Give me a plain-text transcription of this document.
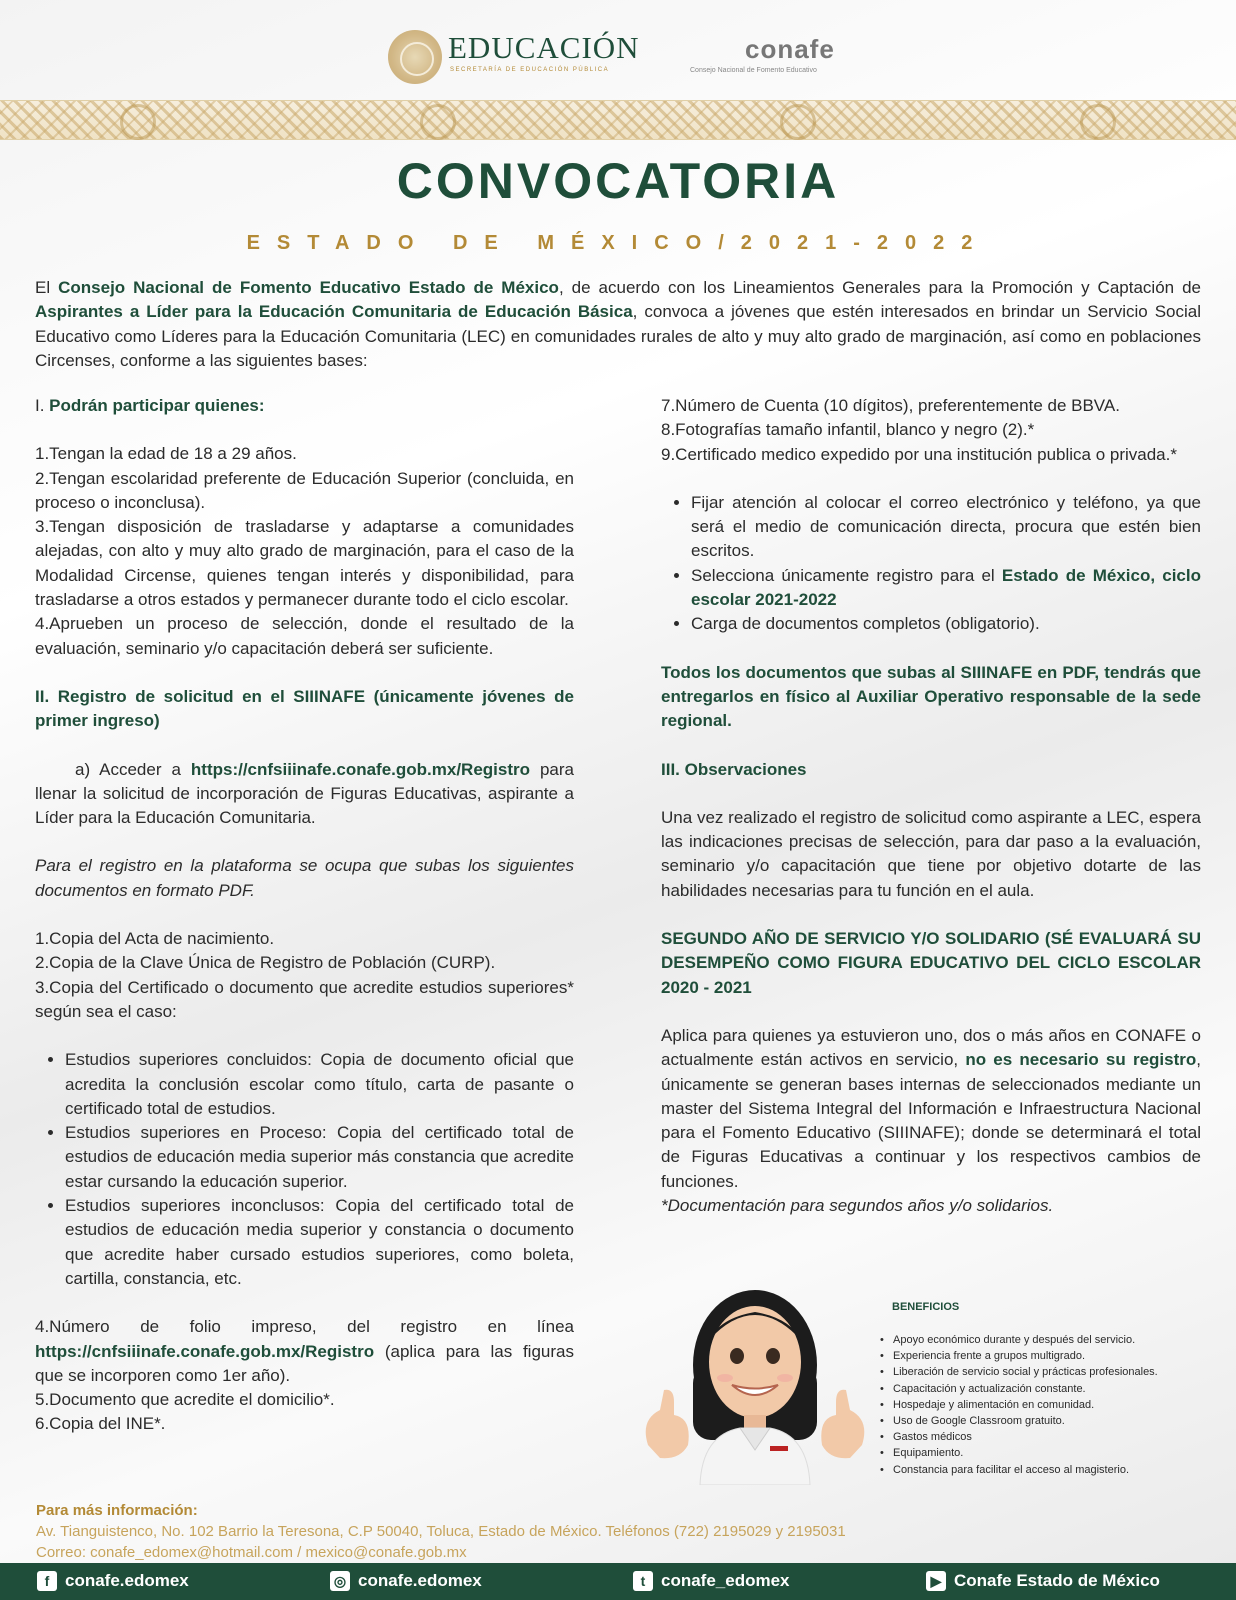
EDUCACIÓN
SECRETARÍA DE EDUCACIÓN PÚBLICA
conafe
Consejo Nacional de Fomento Educativo
CONVOCATORIA
ESTADO DE MÉXICO/2021-2022
El Consejo Nacional de Fomento Educativo Estado de México, de acuerdo con los Lineamientos Generales para la Promoción y Captación de Aspirantes a Líder para la Educación Comunitaria de Educación Básica, convoca a jóvenes que estén interesados en brindar un Servicio Social Educativo como Líderes para la Educación Comunitaria (LEC) en comunidades rurales de alto y muy alto grado de marginación, así como en poblaciones Circenses, conforme a las siguientes bases:

I. Podrán participar quienes:

1.Tengan la edad de 18 a 29 años.

2.Tengan escolaridad preferente de Educación Superior (concluida, en proceso o inconclusa).

3.Tengan disposición de trasladarse y adaptarse a comunidades alejadas, con alto y muy alto grado de marginación, para el caso de la Modalidad Circense, quienes tengan interés y disponibilidad, para trasladarse a otros estados y permanecer durante todo el ciclo escolar.

4.Aprueben un proceso de selección, donde el resultado de la evaluación, seminario y/o capacitación deberá ser suficiente.

II. Registro de solicitud en el SIIINAFE (únicamente jóvenes de primer ingreso)

a) Acceder a https://cnfsiiinafe.conafe.gob.mx/Registro para llenar la solicitud de incorporación de Figuras Educativas, aspirante a Líder para la Educación Comunitaria.

Para el registro en la plataforma se ocupa que subas los siguientes documentos en formato PDF.

1.Copia del Acta de nacimiento.

2.Copia de la Clave Única de Registro de Población (CURP).

3.Copia del Certificado o documento que acredite estudios superiores* según sea el caso:

• Estudios superiores concluidos: Copia de documento oficial que acredita la conclusión escolar como título, carta de pasante o certificado total de estudios.
• Estudios superiores en Proceso: Copia del certificado total de estudios de educación media superior más constancia que acredite estar cursando la educación superior.
• Estudios superiores inconclusos: Copia del certificado total de estudios de educación media superior y constancia o documento que acredite haber cursado estudios superiores, como boleta, cartilla, constancia, etc.

4.Número de folio impreso, del registro en línea https://cnfsiiinafe.conafe.gob.mx/Registro (aplica para las figuras que se incorporen como 1er año).

5.Documento que acredite el domicilio*.

6.Copia del INE*.

7.Número de Cuenta (10 dígitos), preferentemente de BBVA.

8.Fotografías tamaño infantil, blanco y negro (2).*

9.Certificado medico expedido por una institución publica o privada.*

• Fijar atención al colocar el correo electrónico y teléfono, ya que será el medio de comunicación directa, procura que estén bien escritos.
• Selecciona únicamente registro para el Estado de México, ciclo escolar 2021-2022
• Carga de documentos completos (obligatorio).

Todos los documentos que subas al SIIINAFE en PDF, tendrás que entregarlos en físico al Auxiliar Operativo responsable de la sede regional.

III. Observaciones

Una vez realizado el registro de solicitud como aspirante a LEC, espera las indicaciones precisas de selección, para dar paso a la evaluación, seminario y/o capacitación que tiene por objetivo dotarte de las habilidades necesarias para tu función en el aula.

SEGUNDO AÑO DE SERVICIO Y/O SOLIDARIO (SÉ EVALUARÁ SU DESEMPEÑO COMO FIGURA EDUCATIVO DEL CICLO ESCOLAR 2020 - 2021

Aplica para quienes ya estuvieron uno, dos o más años en CONAFE o actualmente están activos en servicio, no es necesario su registro, únicamente se generan bases internas de seleccionados mediante un master del Sistema Integral del Información e Infraestructura Nacional para el Fomento Educativo (SIIINAFE); donde se determinará el total de Figuras Educativas a continuar y los respectivos cambios de funciones.

*Documentación para segundos años y/o solidarios.

BENEFICIOS
• Apoyo económico durante y después del servicio.
• Experiencia frente a grupos multigrado.
• Liberación de servicio social y prácticas profesionales.
• Capacitación y actualización constante.
• Hospedaje y alimentación en comunidad.
• Uso de Google Classroom gratuito.
• Gastos médicos
• Equipamiento.
• Constancia para facilitar el acceso al magisterio.
Para más información:
Av. Tianguistenco, No. 102 Barrio la Teresona, C.P 50040, Toluca, Estado de México. Teléfonos (722) 2195029 y 2195031
Correo: conafe_edomex@hotmail.com / mexico@conafe.gob.mx
f conafe.edomex	◎ conafe.edomex	t conafe_edomex	▶ Conafe Estado de México
